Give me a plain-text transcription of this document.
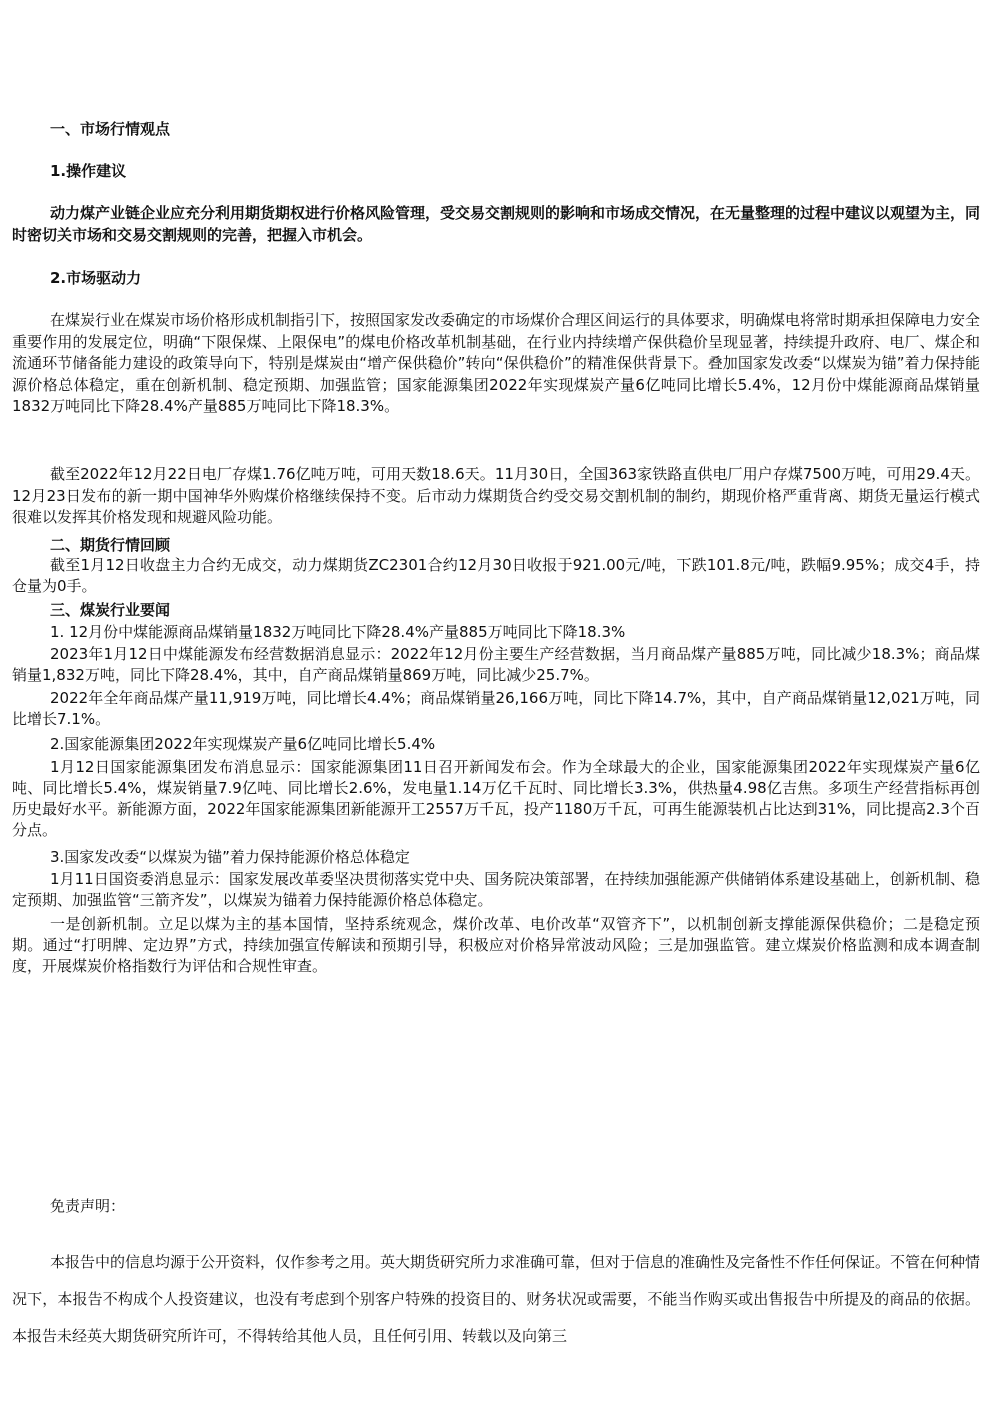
一、市场行情观点

1.操作建议

动力煤产业链企业应充分利用期货期权进行价格风险管理，受交易交割规则的影响和市场成交情况，在无量整理的过程中建议以观望为主，同时密切关市场和交易交割规则的完善，把握入市机会。

2.市场驱动力

在煤炭行业在煤炭市场价格形成机制指引下，按照国家发改委确定的市场煤价合理区间运行的具体要求，明确煤电将常时期承担保障电力安全重要作用的发展定位，明确“下限保煤、上限保电”的煤电价格改革机制基础，在行业内持续增产保供稳价呈现显著，持续提升政府、电厂、煤企和流通环节储备能力建设的政策导向下，特别是煤炭由“增产保供稳价”转向“保供稳价”的精准保供背景下。叠加国家发改委“以煤炭为锚”着力保持能源价格总体稳定，重在创新机制、稳定预期、加强监管；国家能源集团2022年实现煤炭产量6亿吨同比增长5.4%，12月份中煤能源商品煤销量1832万吨同比下降28.4%产量885万吨同比下降18.3%。

截至2022年12月22日电厂存煤1.76亿吨万吨，可用天数18.6天。11月30日，全国363家铁路直供电厂用户存煤7500万吨，可用29.4天。12月23日发布的新一期中国神华外购煤价格继续保持不变。后市动力煤期货合约受交易交割机制的制约，期现价格严重背离、期货无量运行模式很难以发挥其价格发现和规避风险功能。

二、期货行情回顾

截至1月12日收盘主力合约无成交，动力煤期货ZC2301合约12月30日收报于921.00元/吨，下跌101.8元/吨，跌幅9.95%；成交4手，持仓量为0手。

三、煤炭行业要闻

1. 12月份中煤能源商品煤销量1832万吨同比下降28.4%产量885万吨同比下降18.3%

2023年1月12日中煤能源发布经营数据消息显示：2022年12月份主要生产经营数据，当月商品煤产量885万吨，同比减少18.3%；商品煤销量1,832万吨，同比下降28.4%，其中，自产商品煤销量869万吨，同比减少25.7%。

2022年全年商品煤产量11,919万吨，同比增长4.4%；商品煤销量26,166万吨，同比下降14.7%，其中，自产商品煤销量12,021万吨，同比增长7.1%。

2.国家能源集团2022年实现煤炭产量6亿吨同比增长5.4%

1月12日国家能源集团发布消息显示：国家能源集团11日召开新闻发布会。作为全球最大的企业，国家能源集团2022年实现煤炭产量6亿吨、同比增长5.4%，煤炭销量7.9亿吨、同比增长2.6%，发电量1.14万亿千瓦时、同比增长3.3%，供热量4.98亿吉焦。多项生产经营指标再创历史最好水平。新能源方面，2022年国家能源集团新能源开工2557万千瓦，投产1180万千瓦，可再生能源装机占比达到31%，同比提高2.3个百分点。

3.国家发改委“以煤炭为锚”着力保持能源价格总体稳定

1月11日国资委消息显示：国家发展改革委坚决贯彻落实党中央、国务院决策部署，在持续加强能源产供储销体系建设基础上，创新机制、稳定预期、加强监管“三箭齐发”，以煤炭为锚着力保持能源价格总体稳定。

一是创新机制。立足以煤为主的基本国情，坚持系统观念，煤价改革、电价改革“双管齐下”，以机制创新支撑能源保供稳价；二是稳定预期。通过“打明牌、定边界”方式，持续加强宣传解读和预期引导，积极应对价格异常波动风险；三是加强监管。建立煤炭价格监测和成本调查制度，开展煤炭价格指数行为评估和合规性审查。

免责声明：

本报告中的信息均源于公开资料，仅作参考之用。英大期货研究所力求准确可靠，但对于信息的准确性及完备性不作任何保证。不管在何种情况下，本报告不构成个人投资建议，也没有考虑到个别客户特殊的投资目的、财务状况或需要，不能当作购买或出售报告中所提及的商品的依据。本报告未经英大期货研究所许可，不得转给其他人员，且任何引用、转载以及向第三
